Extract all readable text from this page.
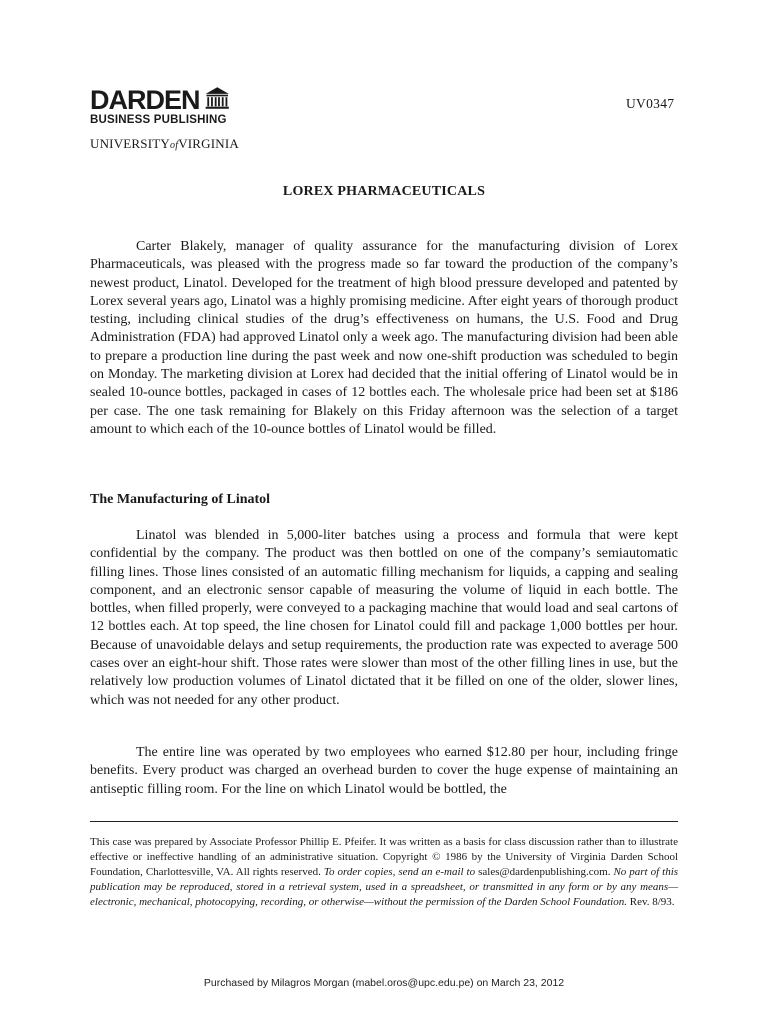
DARDEN
BUSINESS PUBLISHING
UNIVERSITYofVIRGINIA
UV0347
LOREX PHARMACEUTICALS

Carter Blakely, manager of quality assurance for the manufacturing division of Lorex Pharmaceuticals, was pleased with the progress made so far toward the production of the company’s newest product, Linatol. Developed for the treatment of high blood pressure developed and patented by Lorex several years ago, Linatol was a highly promising medicine. After eight years of thorough product testing, including clinical studies of the drug’s effectiveness on humans, the U.S. Food and Drug Administration (FDA) had approved Linatol only a week ago. The manufacturing division had been able to prepare a production line during the past week and now one-shift production was scheduled to begin on Monday. The marketing division at Lorex had decided that the initial offering of Linatol would be in sealed 10-ounce bottles, packaged in cases of 12 bottles each. The wholesale price had been set at $186 per case. The one task remaining for Blakely on this Friday afternoon was the selection of a target amount to which each of the 10-ounce bottles of Linatol would be filled.

The Manufacturing of Linatol

Linatol was blended in 5,000-liter batches using a process and formula that were kept confidential by the company. The product was then bottled on one of the company’s semiautomatic filling lines. Those lines consisted of an automatic filling mechanism for liquids, a capping and sealing component, and an electronic sensor capable of measuring the volume of liquid in each bottle. The bottles, when filled properly, were conveyed to a packaging machine that would load and seal cartons of 12 bottles each. At top speed, the line chosen for Linatol could fill and package 1,000 bottles per hour. Because of unavoidable delays and setup requirements, the production rate was expected to average 500 cases over an eight-hour shift. Those rates were slower than most of the other filling lines in use, but the relatively low production volumes of Linatol dictated that it be filled on one of the older, slower lines, which was not needed for any other product.

The entire line was operated by two employees who earned $12.80 per hour, including fringe benefits. Every product was charged an overhead burden to cover the huge expense of maintaining an antiseptic filling room. For the line on which Linatol would be bottled, the

This case was prepared by Associate Professor Phillip E. Pfeifer. It was written as a basis for class discussion rather than to illustrate effective or ineffective handling of an administrative situation. Copyright © 1986 by the University of Virginia Darden School Foundation, Charlottesville, VA. All rights reserved. To order copies, send an e-mail to sales@dardenpublishing.com. No part of this publication may be reproduced, stored in a retrieval system, used in a spreadsheet, or transmitted in any form or by any means—electronic, mechanical, photocopying, recording, or otherwise—without the permission of the Darden School Foundation. Rev. 8/93.

Purchased by Milagros Morgan (mabel.oros@upc.edu.pe) on March 23, 2012
